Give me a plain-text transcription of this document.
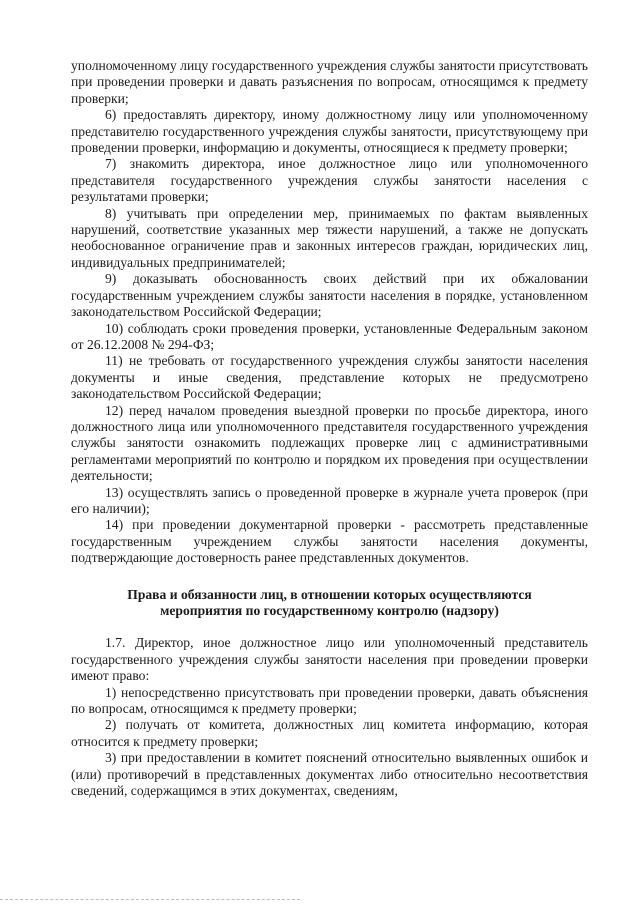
уполномоченному лицу государственного учреждения службы занятости присутствовать при проведении проверки и давать разъяснения по вопросам, относящимся к предмету проверки;

6) предоставлять директору, иному должностному лицу или уполномоченному представителю государственного учреждения службы занятости, присутствующему при проведении проверки, информацию и документы, относящиеся к предмету проверки;

7) знакомить директора, иное должностное лицо или уполномоченного представителя государственного учреждения службы занятости населения с результатами проверки;

8) учитывать при определении мер, принимаемых по фактам выявленных нарушений, соответствие указанных мер тяжести нарушений, а также не допускать необоснованное ограничение прав и законных интересов граждан, юридических лиц, индивидуальных предпринимателей;

9) доказывать обоснованность своих действий при их обжаловании государственным учреждением службы занятости населения в порядке, установленном законодательством Российской Федерации;

10) соблюдать сроки проведения проверки, установленные Федеральным законом от 26.12.2008 № 294-ФЗ;

11) не требовать от государственного учреждения службы занятости населения документы и иные сведения, представление которых не предусмотрено законодательством Российской Федерации;

12) перед началом проведения выездной проверки по просьбе директора, иного должностного лица или уполномоченного представителя государственного учреждения службы занятости ознакомить подлежащих проверке лиц с административными регламентами мероприятий по контролю и порядком их проведения при осуществлении деятельности;

13) осуществлять запись о проведенной проверке в журнале учета проверок (при его наличии);

14) при проведении документарной проверки - рассмотреть представленные государственным учреждением службы занятости населения документы, подтверждающие достоверность ранее представленных документов.

Права и обязанности лиц, в отношении которых осуществляются
мероприятия по государственному контролю (надзору)

1.7. Директор, иное должностное лицо или уполномоченный представитель государственного учреждения службы занятости населения при проведении проверки имеют право:

1) непосредственно присутствовать при проведении проверки, давать объяснения по вопросам, относящимся к предмету проверки;

2) получать от комитета, должностных лиц комитета информацию, которая относится к предмету проверки;

3) при предоставлении в комитет пояснений относительно выявленных ошибок и (или) противоречий в представленных документах либо относительно несоответствия сведений, содержащимся в этих документах, сведениям,
